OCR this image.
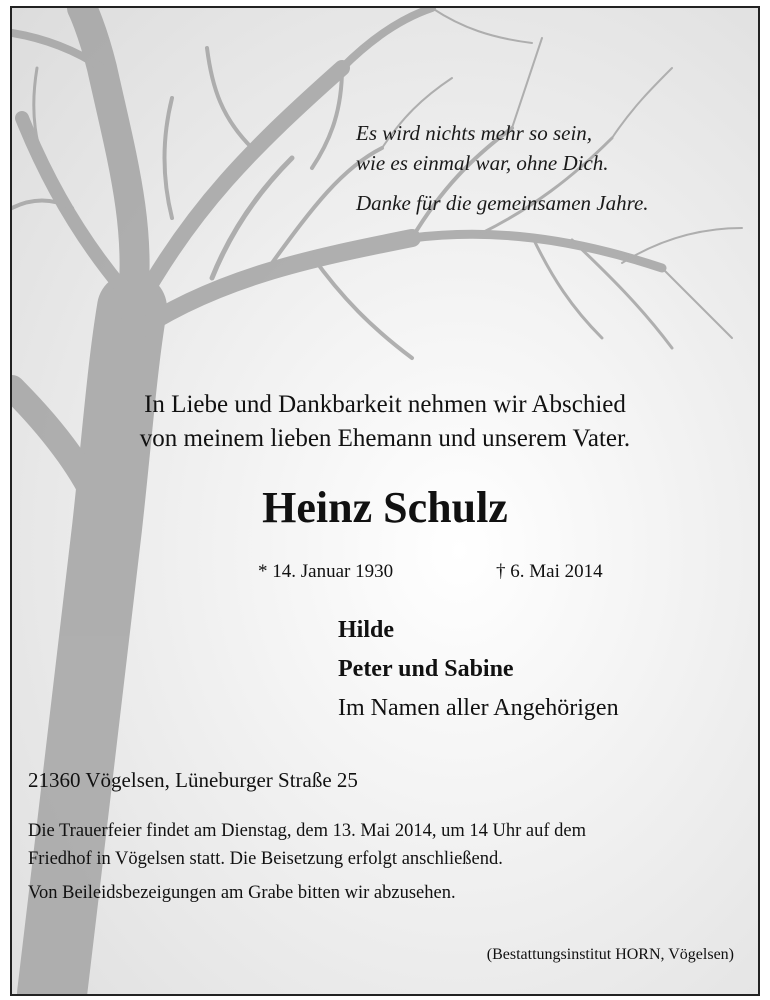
Es wird nichts mehr so sein,
wie es einmal war, ohne Dich.
Danke für die gemeinsamen Jahre.
In Liebe und Dankbarkeit nehmen wir Abschied
von meinem lieben Ehemann und unserem Vater.
Heinz Schulz
* 14. Januar 1930	† 6. Mai 2014
Hilde
Peter und Sabine
Im Namen aller Angehörigen
21360 Vögelsen, Lüneburger Straße 25
Die Trauerfeier findet am Dienstag, dem 13. Mai 2014, um 14 Uhr auf dem
Friedhof in Vögelsen statt. Die Beisetzung erfolgt anschließend.
Von Beileidsbezeigungen am Grabe bitten wir abzusehen.
(Bestattungsinstitut HORN, Vögelsen)
